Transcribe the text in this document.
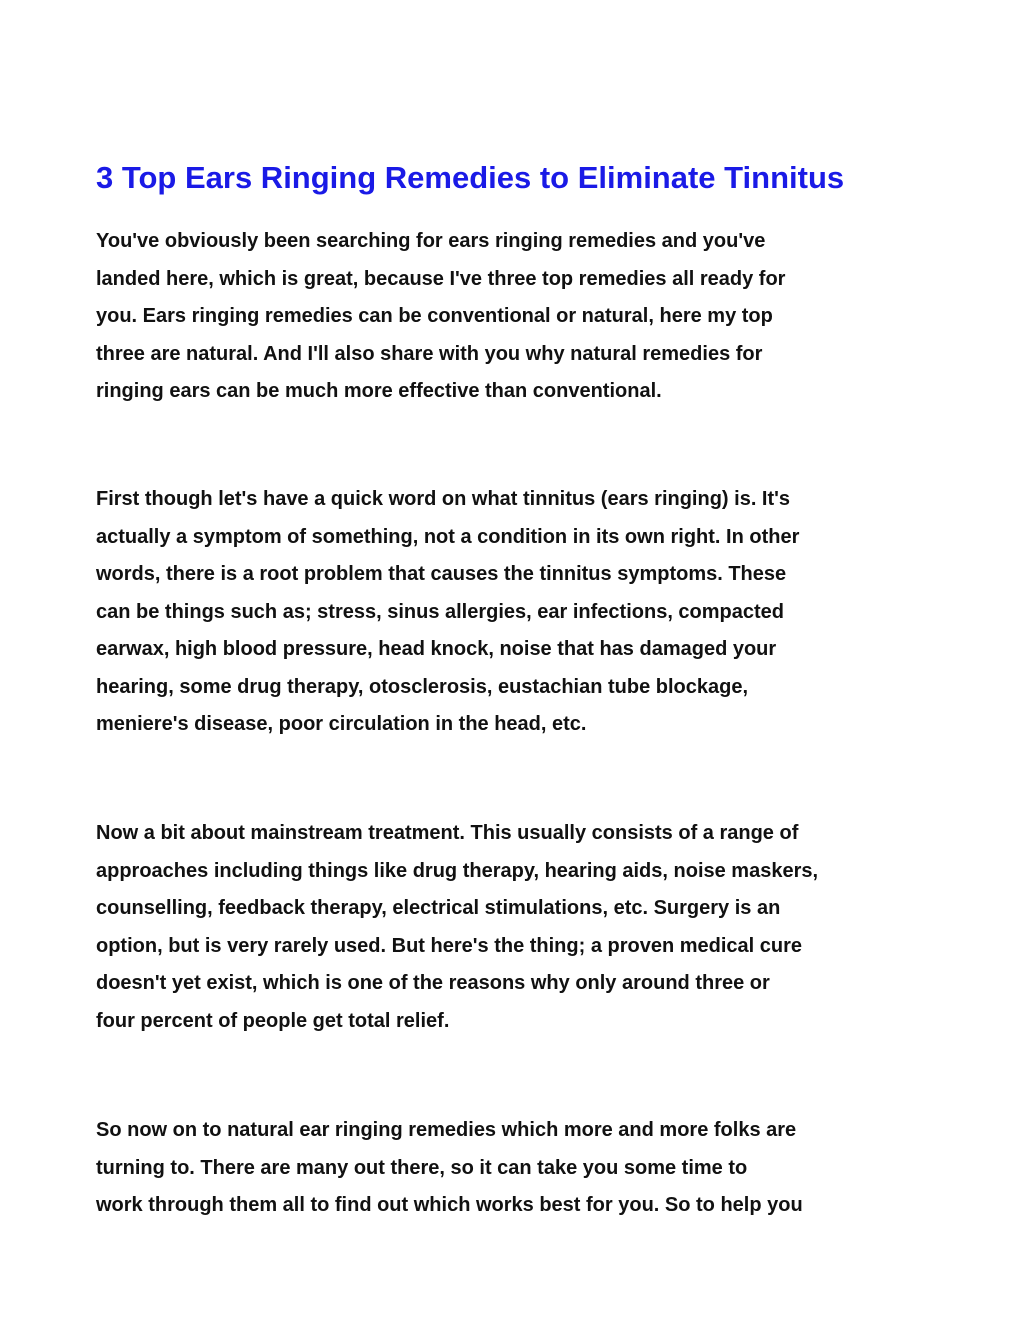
3 Top Ears Ringing Remedies to Eliminate Tinnitus
You've obviously been searching for ears ringing remedies and you've
landed here, which is great, because I've three top remedies all ready for
you. Ears ringing remedies can be conventional or natural, here my top
three are natural. And I'll also share with you why natural remedies for
ringing ears can be much more effective than conventional.
First though let's have a quick word on what tinnitus (ears ringing) is. It's
actually a symptom of something, not a condition in its own right. In other
words, there is a root problem that causes the tinnitus symptoms. These
can be things such as; stress, sinus allergies, ear infections, compacted
earwax, high blood pressure, head knock, noise that has damaged your
hearing, some drug therapy, otosclerosis, eustachian tube blockage,
meniere's disease, poor circulation in the head, etc.
Now a bit about mainstream treatment. This usually consists of a range of
approaches including things like drug therapy, hearing aids, noise maskers,
counselling, feedback therapy, electrical stimulations, etc. Surgery is an
option, but is very rarely used. But here's the thing; a proven medical cure
doesn't yet exist, which is one of the reasons why only around three or
four percent of people get total relief.
So now on to natural ear ringing remedies which more and more folks are
turning to. There are many out there, so it can take you some time to
work through them all to find out which works best for you. So to help you
